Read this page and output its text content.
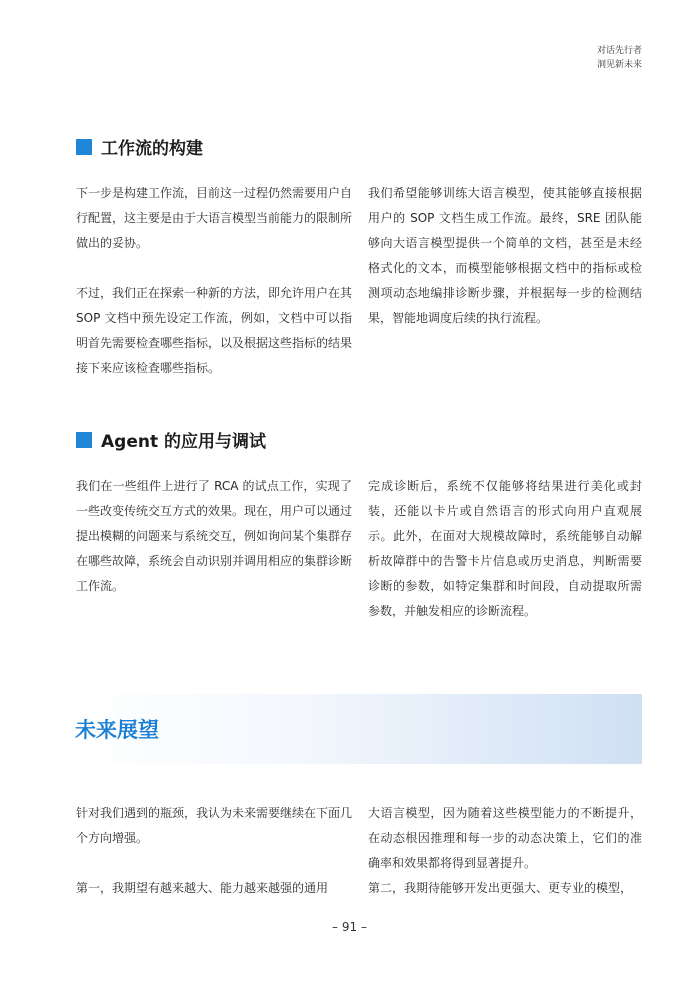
对话先行者
洞见新未来
工作流的构建

下一步是构建工作流，目前这一过程仍然需要用户自行配置，这主要是由于大语言模型当前能力的限制所做出的妥协。

不过，我们正在探索一种新的方法，即允许用户在其 SOP 文档中预先设定工作流，例如，文档中可以指明首先需要检查哪些指标，以及根据这些指标的结果接下来应该检查哪些指标。

我们希望能够训练大语言模型，使其能够直接根据用户的 SOP 文档生成工作流。最终，SRE 团队能够向大语言模型提供一个简单的文档，甚至是未经格式化的文本，而模型能够根据文档中的指标或检测项动态地编排诊断步骤，并根据每一步的检测结果，智能地调度后续的执行流程。

Agent 的应用与调试

我们在一些组件上进行了 RCA 的试点工作，实现了一些改变传统交互方式的效果。现在，用户可以通过提出模糊的问题来与系统交互，例如询问某个集群存在哪些故障，系统会自动识别并调用相应的集群诊断工作流。

完成诊断后，系统不仅能够将结果进行美化或封装，还能以卡片或自然语言的形式向用户直观展示。此外，在面对大规模故障时，系统能够自动解析故障群中的告警卡片信息或历史消息，判断需要诊断的参数，如特定集群和时间段，自动提取所需参数，并触发相应的诊断流程。

未来展望

针对我们遇到的瓶颈，我认为未来需要继续在下面几个方向增强。

第一，我期望有越来越大、能力越来越强的通用

大语言模型，因为随着这些模型能力的不断提升，在动态根因推理和每一步的动态决策上，它们的准确率和效果都将得到显著提升。

第二，我期待能够开发出更强大、更专业的模型，

– 91 –
